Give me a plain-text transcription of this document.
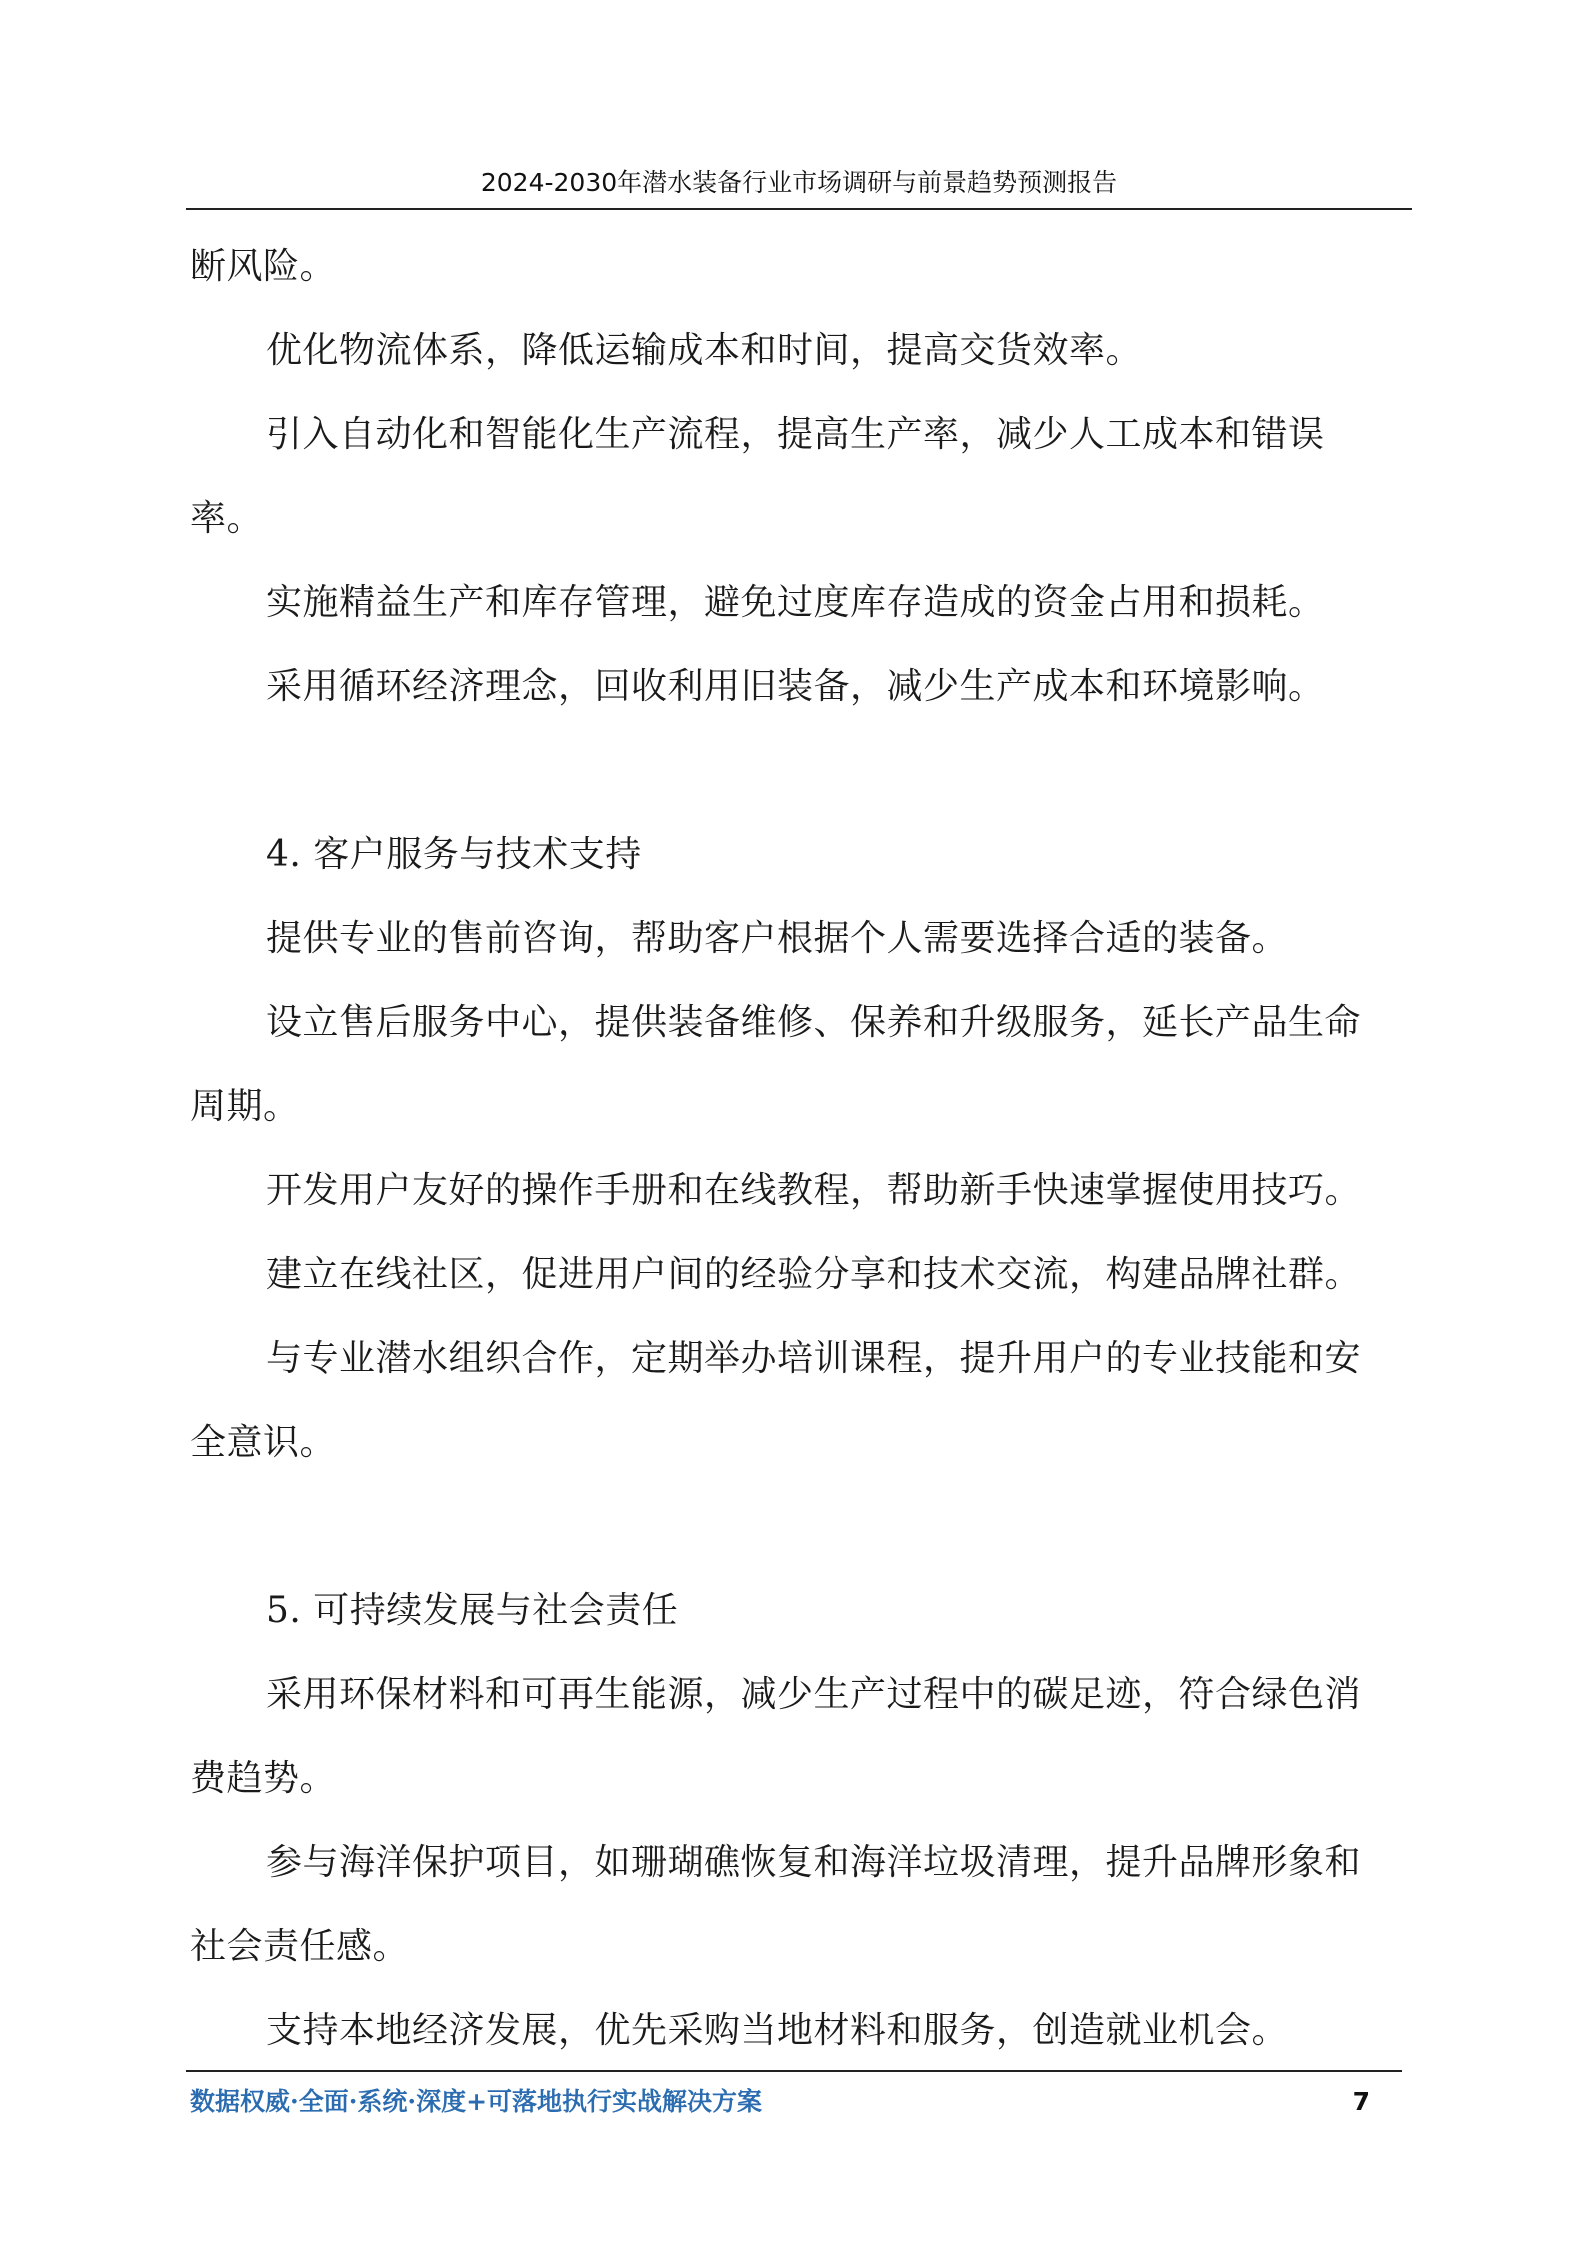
2024-2030年潜水装备行业市场调研与前景趋势预测报告
断风险。
优化物流体系，降低运输成本和时间，提高交货效率。
引入自动化和智能化生产流程，提高生产率，减少人工成本和错误
率。
实施精益生产和库存管理，避免过度库存造成的资金占用和损耗。
采用循环经济理念，回收利用旧装备，减少生产成本和环境影响。
4. 客户服务与技术支持
提供专业的售前咨询，帮助客户根据个人需要选择合适的装备。
设立售后服务中心，提供装备维修、保养和升级服务，延长产品生命
周期。
开发用户友好的操作手册和在线教程，帮助新手快速掌握使用技巧。
建立在线社区，促进用户间的经验分享和技术交流，构建品牌社群。
与专业潜水组织合作，定期举办培训课程，提升用户的专业技能和安
全意识。
5. 可持续发展与社会责任
采用环保材料和可再生能源，减少生产过程中的碳足迹，符合绿色消
费趋势。
参与海洋保护项目，如珊瑚礁恢复和海洋垃圾清理，提升品牌形象和
社会责任感。
支持本地经济发展，优先采购当地材料和服务，创造就业机会。
数据权威·全面·系统·深度+可落地执行实战解决方案	7
